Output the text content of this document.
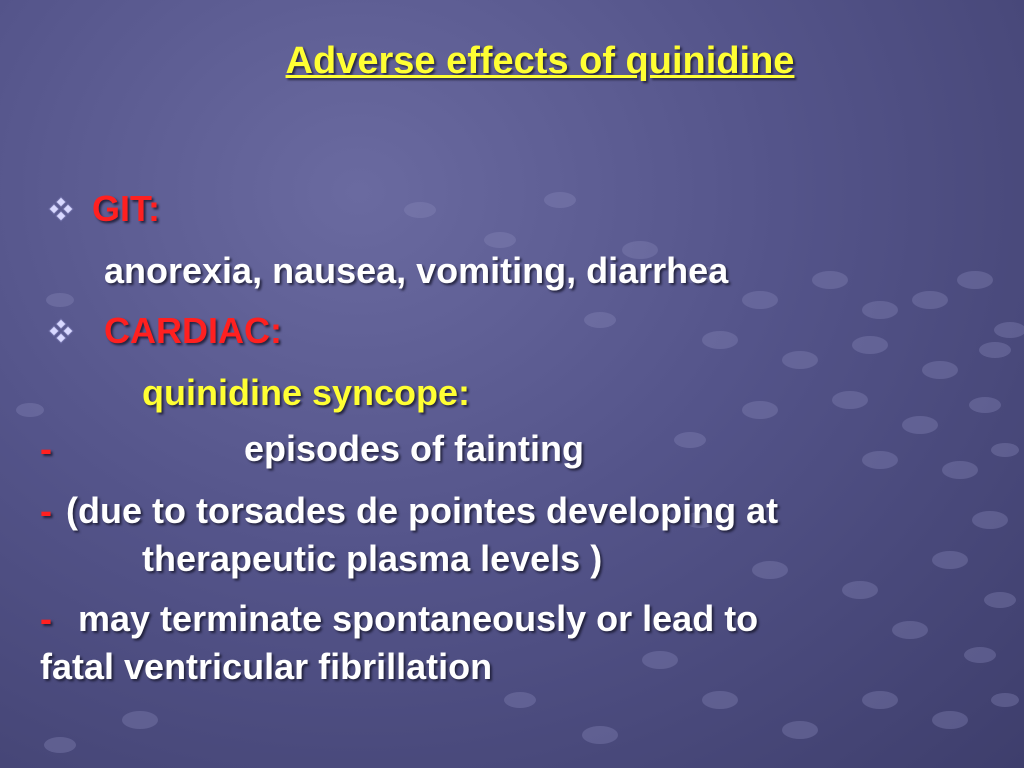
Adverse effects of quinidine
GIT:
anorexia, nausea, vomiting, diarrhea
CARDIAC:
quinidine syncope:
-	episodes of fainting
- (due to torsades de pointes developing at
therapeutic plasma levels )
- may terminate spontaneously or lead to
fatal ventricular fibrillation
